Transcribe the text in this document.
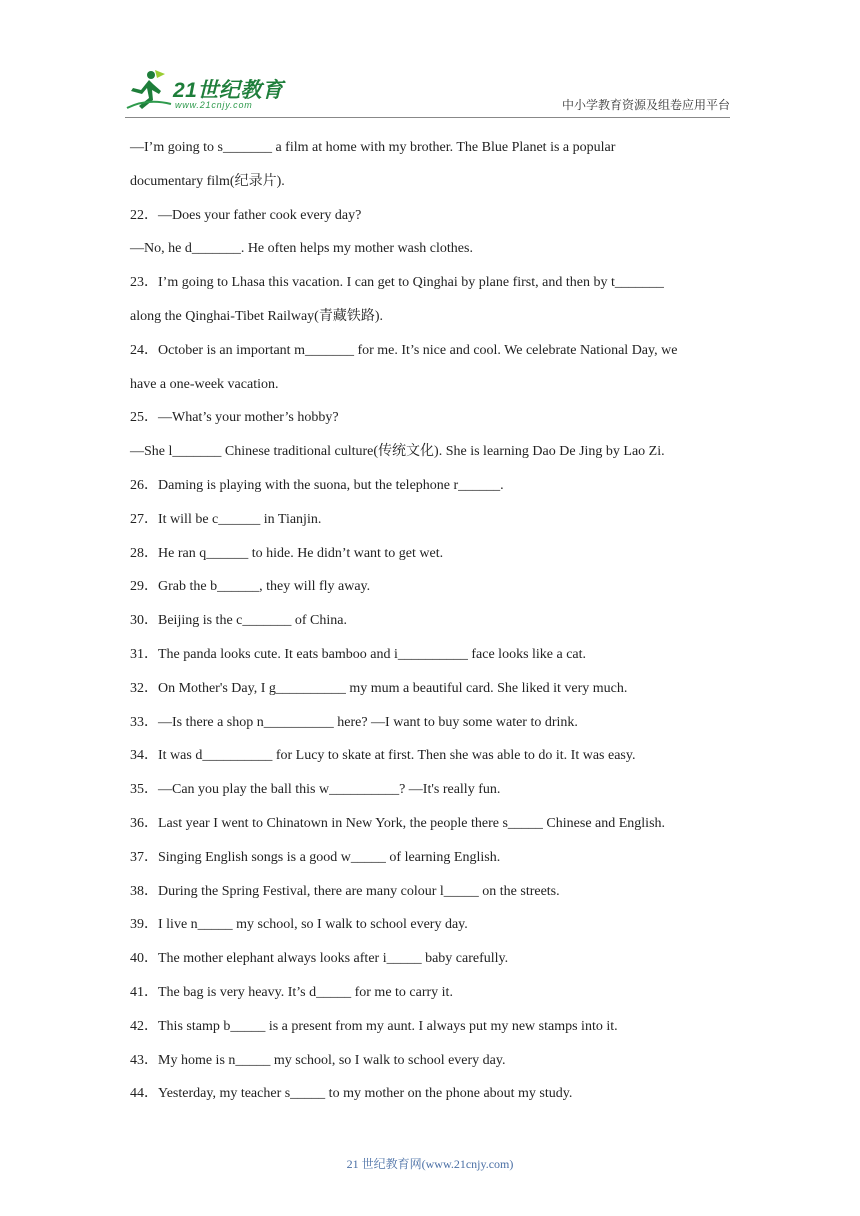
21世纪教育
www.21cnjy.com	中小学教育资源及组卷应用平台
—I’m going to s_______ a film at home with my brother. The Blue Planet is a popular
documentary film(纪录片).
22．—Does your father cook every day?
—No, he d_______. He often helps my mother wash clothes.
23．I’m going to Lhasa this vacation. I can get to Qinghai by plane first, and then by t_______
along the Qinghai-Tibet Railway(青藏铁路).
24．October is an important m_______ for me. It’s nice and cool. We celebrate National Day, we
have a one-week vacation.
25．—What’s your mother’s hobby?
—She l_______ Chinese traditional culture(传统文化). She is learning Dao De Jing by Lao Zi.
26．Daming is playing with the suona, but the telephone r______.
27．It will be c______ in Tianjin.
28．He ran q______ to hide. He didn’t want to get wet.
29．Grab the b______, they will fly away.
30．Beijing is the c_______ of China.
31．The panda looks cute. It eats bamboo and i__________ face looks like a cat.
32．On Mother's Day, I g__________ my mum a beautiful card. She liked it very much.
33．—Is there a shop n__________ here? —I want to buy some water to drink.
34．It was d__________ for Lucy to skate at first. Then she was able to do it. It was easy.
35．—Can you play the ball this w__________? —It's really fun.
36．Last year I went to Chinatown in New York, the people there s_____ Chinese and English.
37．Singing English songs is a good w_____ of learning English.
38．During the Spring Festival, there are many colour l_____ on the streets.
39．I live n_____ my school, so I walk to school every day.
40．The mother elephant always looks after i_____ baby carefully.
41．The bag is very heavy. It’s d_____ for me to carry it.
42．This stamp b_____ is a present from my aunt. I always put my new stamps into it.
43．My home is n_____ my school, so I walk to school every day.
44．Yesterday, my teacher s_____ to my mother on the phone about my study.
21 世纪教育网(www.21cnjy.com)
